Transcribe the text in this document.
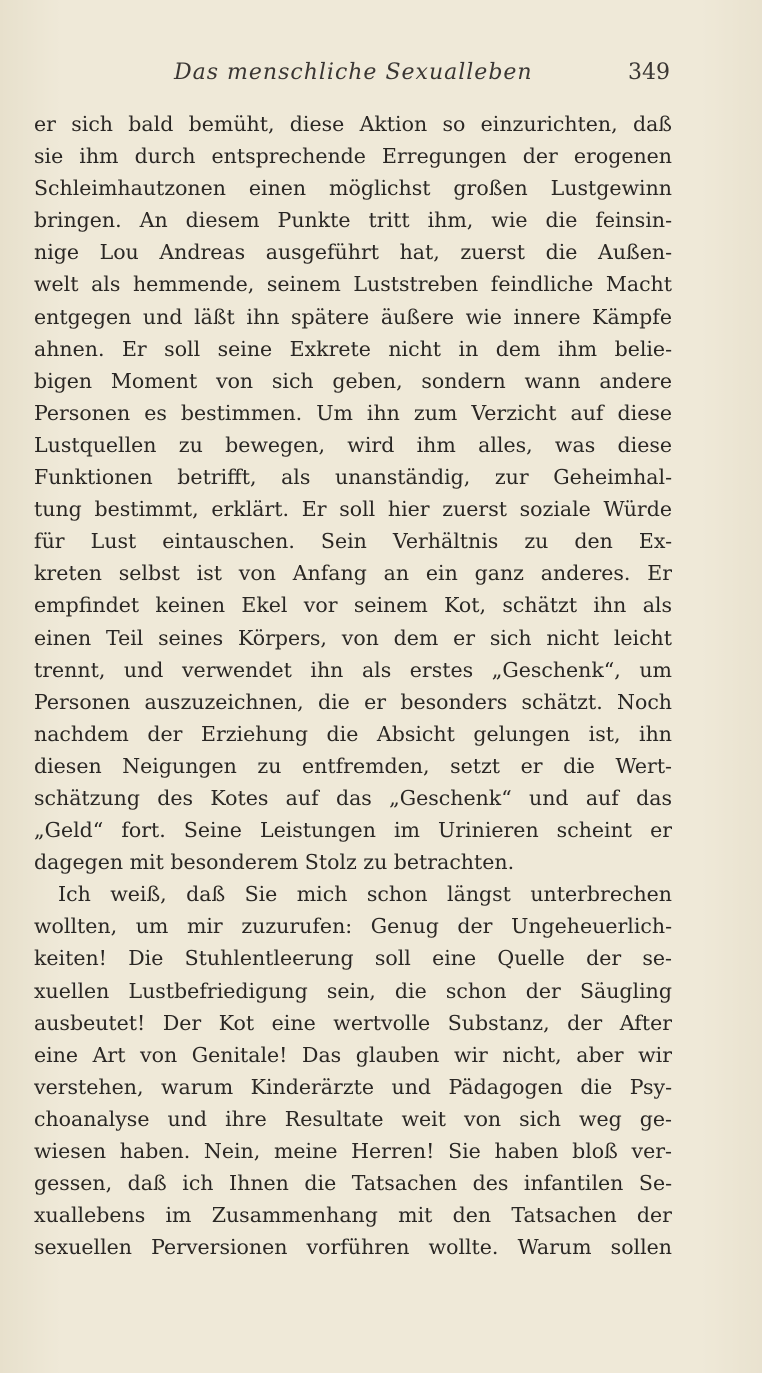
Das menschliche Sexualleben	349
er sich bald bemüht, diese Aktion so einzurichten, daß
sie ihm durch entsprechende Erregungen der erogenen
Schleimhautzonen einen möglichst großen Lustgewinn
bringen. An diesem Punkte tritt ihm, wie die feinsin-
nige Lou Andreas ausgeführt hat, zuerst die Außen-
welt als hemmende, seinem Luststreben feindliche Macht
entgegen und läßt ihn spätere äußere wie innere Kämpfe
ahnen. Er soll seine Exkrete nicht in dem ihm belie-
bigen Moment von sich geben, sondern wann andere
Personen es bestimmen. Um ihn zum Verzicht auf diese
Lustquellen zu bewegen, wird ihm alles, was diese
Funktionen betrifft, als unanständig, zur Geheimhal-
tung bestimmt, erklärt. Er soll hier zuerst soziale Würde
für Lust eintauschen. Sein Verhältnis zu den Ex-
kreten selbst ist von Anfang an ein ganz anderes. Er
empfindet keinen Ekel vor seinem Kot, schätzt ihn als
einen Teil seines Körpers, von dem er sich nicht leicht
trennt, und verwendet ihn als erstes „Geschenk“, um
Personen auszuzeichnen, die er besonders schätzt. Noch
nachdem der Erziehung die Absicht gelungen ist, ihn
diesen Neigungen zu entfremden, setzt er die Wert-
schätzung des Kotes auf das „Geschenk“ und auf das
„Geld“ fort. Seine Leistungen im Urinieren scheint er
dagegen mit besonderem Stolz zu betrachten.
Ich weiß, daß Sie mich schon längst unterbrechen
wollten, um mir zuzurufen: Genug der Ungeheuerlich-
keiten! Die Stuhlentleerung soll eine Quelle der se-
xuellen Lustbefriedigung sein, die schon der Säugling
ausbeutet! Der Kot eine wertvolle Substanz, der After
eine Art von Genitale! Das glauben wir nicht, aber wir
verstehen, warum Kinderärzte und Pädagogen die Psy-
choanalyse und ihre Resultate weit von sich weg ge-
wiesen haben. Nein, meine Herren! Sie haben bloß ver-
gessen, daß ich Ihnen die Tatsachen des infantilen Se-
xuallebens im Zusammenhang mit den Tatsachen der
sexuellen Perversionen vorführen wollte. Warum sollen
